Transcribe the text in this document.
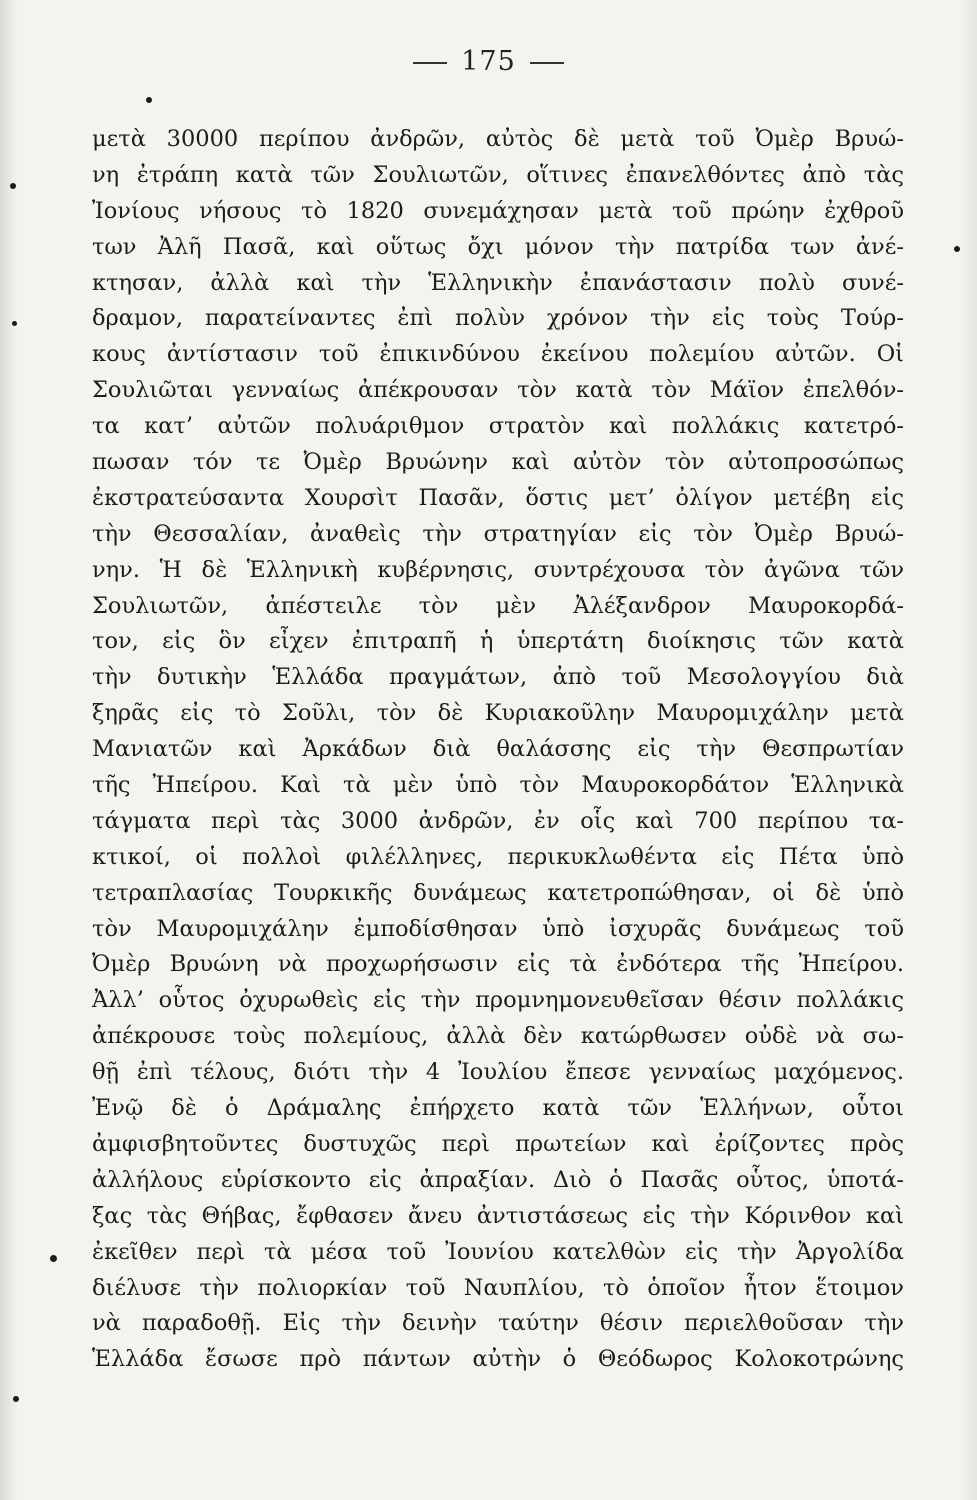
175
μετὰ 30000 περίπου ἀνδρῶν, αὐτὸς δὲ μετὰ τοῦ Ὀμὲρ Βρυώ-
νη ἐτράπη κατὰ τῶν Σουλιωτῶν, οἵτινες ἐπανελθόντες ἀπὸ τὰς
Ἰονίους νήσους τὸ 1820 συνεμάχησαν μετὰ τοῦ πρώην ἐχθροῦ
των Ἀλῆ Πασᾶ, καὶ οὕτως ὄχι μόνον τὴν πατρίδα των ἀνέ-
κτησαν, ἀλλὰ καὶ τὴν Ἑλληνικὴν ἐπανάστασιν πολὺ συνέ-
δραμον, παρατείναντες ἐπὶ πολὺν χρόνον τὴν εἰς τοὺς Τούρ-
κους ἀντίστασιν τοῦ ἐπικινδύνου ἐκείνου πολεμίου αὐτῶν. Οἱ
Σουλιῶται γενναίως ἀπέκρουσαν τὸν κατὰ τὸν Μάϊον ἐπελθόν-
τα κατ’ αὐτῶν πολυάριθμον στρατὸν καὶ πολλάκις κατετρό-
πωσαν τόν τε Ὀμὲρ Βρυώνην καὶ αὐτὸν τὸν αὐτοπροσώπως
ἐκστρατεύσαντα Χουρσὶτ Πασᾶν, ὅστις μετ’ ὀλίγον μετέβη εἰς
τὴν Θεσσαλίαν, ἀναθεὶς τὴν στρατηγίαν εἰς τὸν Ὀμὲρ Βρυώ-
νην. Ἡ δὲ Ἑλληνικὴ κυβέρνησις, συντρέχουσα τὸν ἀγῶνα τῶν
Σουλιωτῶν, ἀπέστειλε τὸν μὲν Ἀλέξανδρον Μαυροκορδά-
τον, εἰς ὃν εἶχεν ἐπιτραπῆ ἡ ὑπερτάτη διοίκησις τῶν κατὰ
τὴν δυτικὴν Ἑλλάδα πραγμάτων, ἀπὸ τοῦ Μεσολογγίου διὰ
ξηρᾶς εἰς τὸ Σοῦλι, τὸν δὲ Κυριακοῦλην Μαυρομιχάλην μετὰ
Μανιατῶν καὶ Ἀρκάδων διὰ θαλάσσης εἰς τὴν Θεσπρωτίαν
τῆς Ἠπείρου. Καὶ τὰ μὲν ὑπὸ τὸν Μαυροκορδάτον Ἑλληνικὰ
τάγματα περὶ τὰς 3000 ἀνδρῶν, ἐν οἷς καὶ 700 περίπου τα-
κτικοί, οἱ πολλοὶ φιλέλληνες, περικυκλωθέντα εἰς Πέτα ὑπὸ
τετραπλασίας Τουρκικῆς δυνάμεως κατετροπώθησαν, οἱ δὲ ὑπὸ
τὸν Μαυρομιχάλην ἐμποδίσθησαν ὑπὸ ἰσχυρᾶς δυνάμεως τοῦ
Ὀμὲρ Βρυώνη νὰ προχωρήσωσιν εἰς τὰ ἐνδότερα τῆς Ἠπείρου.
Ἀλλ’ οὗτος ὀχυρωθεὶς εἰς τὴν προμνημονευθεῖσαν θέσιν πολλάκις
ἀπέκρουσε τοὺς πολεμίους, ἀλλὰ δὲν κατώρθωσεν οὐδὲ νὰ σω-
θῇ ἐπὶ τέλους, διότι τὴν 4 Ἰουλίου ἔπεσε γενναίως μαχόμενος.
Ἐνῷ δὲ ὁ Δράμαλης ἐπήρχετο κατὰ τῶν Ἑλλήνων, οὗτοι
ἀμφισβητοῦντες δυστυχῶς περὶ πρωτείων καὶ ἐρίζοντες πρὸς
ἀλλήλους εὑρίσκοντο εἰς ἀπραξίαν. Διὸ ὁ Πασᾶς οὗτος, ὑποτά-
ξας τὰς Θήβας, ἔφθασεν ἄνευ ἀντιστάσεως εἰς τὴν Κόρινθον καὶ
ἐκεῖθεν περὶ τὰ μέσα τοῦ Ἰουνίου κατελθὼν εἰς τὴν Ἀργολίδα
διέλυσε τὴν πολιορκίαν τοῦ Ναυπλίου, τὸ ὁποῖον ἦτον ἕτοιμον
νὰ παραδοθῇ. Εἰς τὴν δεινὴν ταύτην θέσιν περιελθοῦσαν τὴν
Ἑλλάδα ἔσωσε πρὸ πάντων αὐτὴν ὁ Θεόδωρος Κολοκοτρώνης
